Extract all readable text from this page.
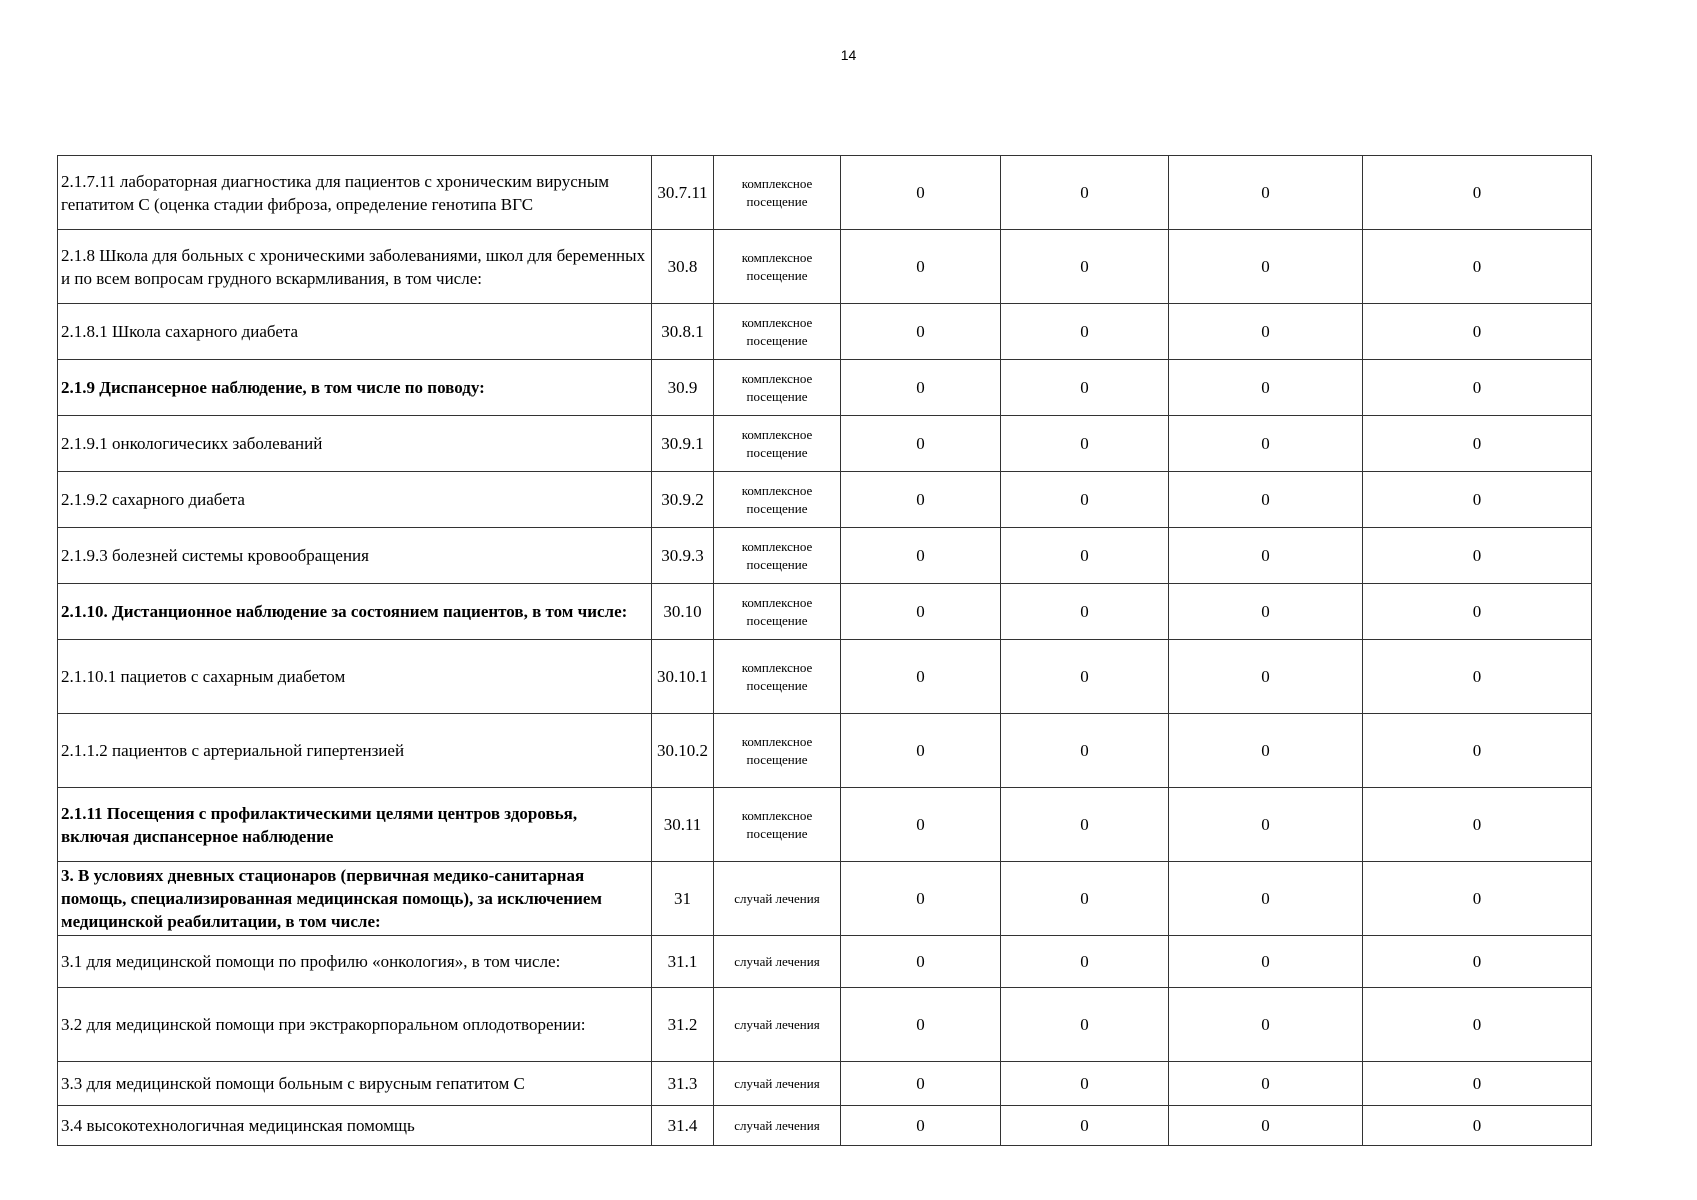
14
2.1.7.11 лабораторная диагностика для пациентов с хроническим вирусным гепатитом С (оценка стадии фиброза, определение генотипа ВГС	30.7.11	комплексное посещение	0	0	0	0
2.1.8 Школа для больных с хроническими заболеваниями, школ для беременных и по всем вопросам грудного вскармливания, в том числе:	30.8	комплексное посещение	0	0	0	0
2.1.8.1 Школа сахарного диабета	30.8.1	комплексное посещение	0	0	0	0
2.1.9 Диспансерное наблюдение, в том числе по поводу:	30.9	комплексное посещение	0	0	0	0
2.1.9.1 онкологичесикх заболеваний	30.9.1	комплексное посещение	0	0	0	0
2.1.9.2 сахарного диабета	30.9.2	комплексное посещение	0	0	0	0
2.1.9.3 болезней системы кровообращения	30.9.3	комплексное посещение	0	0	0	0
2.1.10. Дистанционное наблюдение за состоянием пациентов, в том числе:	30.10	комплексное посещение	0	0	0	0
2.1.10.1 пациетов с сахарным диабетом	30.10.1	комплексное посещение	0	0	0	0
2.1.1.2 пациентов с артериальной гипертензией	30.10.2	комплексное посещение	0	0	0	0
2.1.11 Посещения с профилактическими целями центров здоровья, включая диспансерное наблюдение	30.11	комплексное посещение	0	0	0	0
3. В условиях дневных стационаров (первичная медико-санитарная помощь, специализированная медицинская помощь), за исключением медицинской реабилитации, в том числе:	31	случай лечения	0	0	0	0
3.1 для медицинской помощи по профилю «онкология», в том числе:	31.1	случай лечения	0	0	0	0
3.2 для медицинской помощи при экстракорпоральном оплодотворении:	31.2	случай лечения	0	0	0	0
3.3 для медицинской помощи больным с вирусным гепатитом С	31.3	случай лечения	0	0	0	0
3.4 высокотехнологичная медицинская помомщь	31.4	случай лечения	0	0	0	0
